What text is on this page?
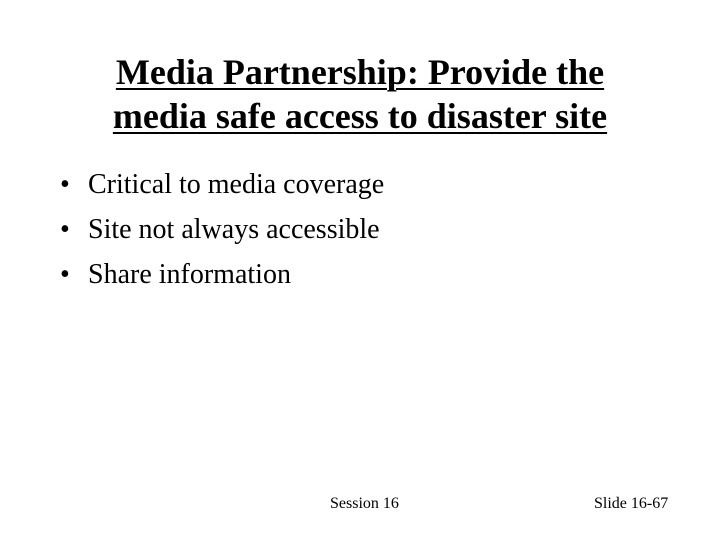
Media Partnership: Provide the
media safe access to disaster site
• Critical to media coverage
• Site not always accessible
• Share information
Session 16	Slide 16-67
